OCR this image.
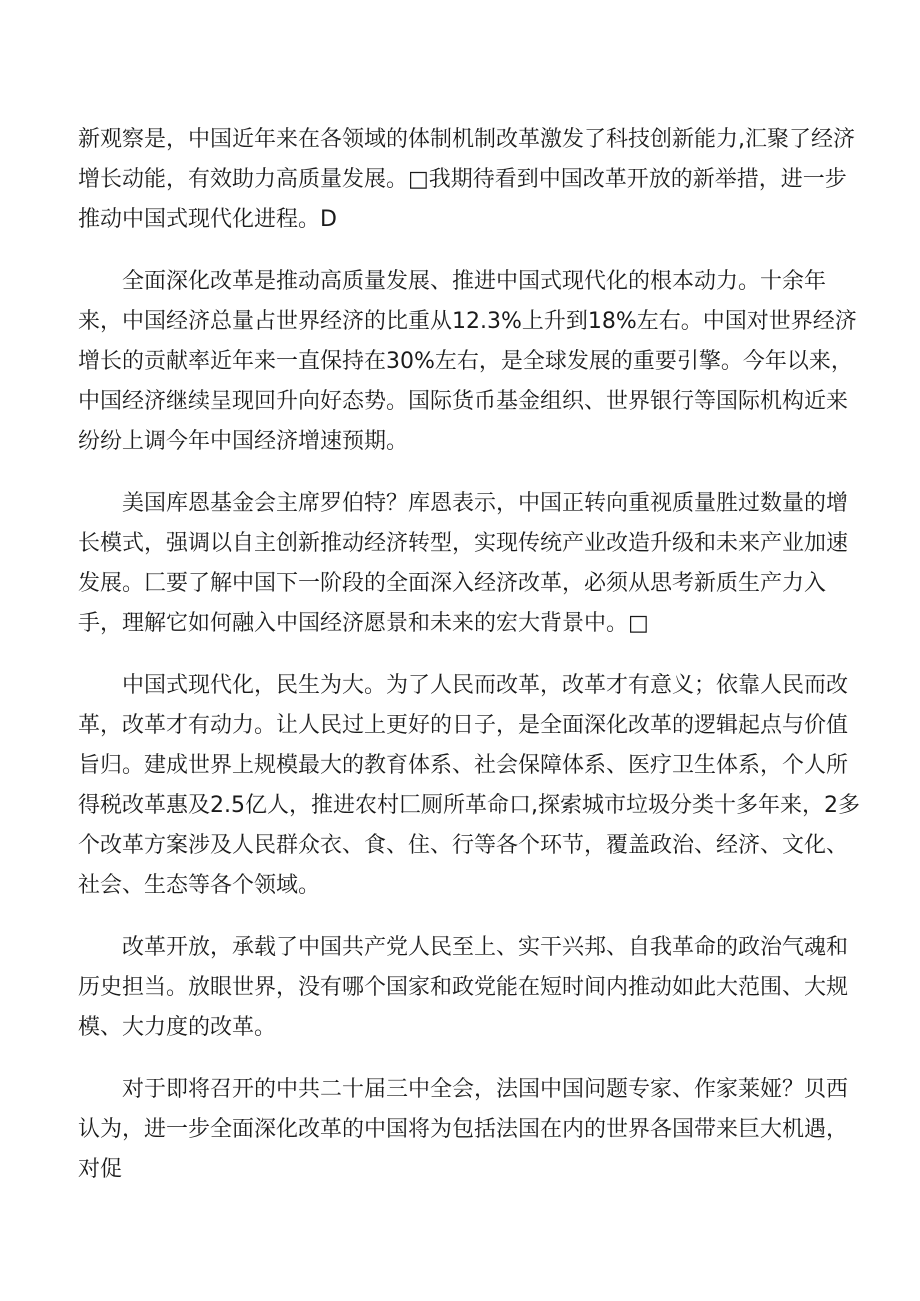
新观察是，中国近年来在各领域的体制机制改革激发了科技创新能力,汇聚了经济增长动能，有效助力高质量发展。□我期待看到中国改革开放的新举措，进一步推动中国式现代化进程。D

全面深化改革是推动高质量发展、推进中国式现代化的根本动力。十余年来，中国经济总量占世界经济的比重从12.3%上升到18%左右。中国对世界经济增长的贡献率近年来一直保持在30%左右，是全球发展的重要引擎。今年以来，中国经济继续呈现回升向好态势。国际货币基金组织、世界银行等国际机构近来纷纷上调今年中国经济增速预期。

美国库恩基金会主席罗伯特？库恩表示，中国正转向重视质量胜过数量的增长模式，强调以自主创新推动经济转型，实现传统产业改造升级和未来产业加速发展。匚要了解中国下一阶段的全面深入经济改革，必须从思考新质生产力入手，理解它如何融入中国经济愿景和未来的宏大背景中。□

中国式现代化，民生为大。为了人民而改革，改革才有意义；依靠人民而改革，改革才有动力。让人民过上更好的日子，是全面深化改革的逻辑起点与价值旨归。建成世界上规模最大的教育体系、社会保障体系、医疗卫生体系，个人所得税改革惠及2.5亿人，推进农村匚厕所革命口,探索城市垃圾分类十多年来，2多个改革方案涉及人民群众衣、食、住、行等各个环节，覆盖政治、经济、文化、社会、生态等各个领域。

改革开放，承载了中国共产党人民至上、实干兴邦、自我革命的政治气魂和历史担当。放眼世界，没有哪个国家和政党能在短时间内推动如此大范围、大规模、大力度的改革。

对于即将召开的中共二十届三中全会，法国中国问题专家、作家莱娅？贝西认为，进一步全面深化改革的中国将为包括法国在内的世界各国带来巨大机遇，对促
